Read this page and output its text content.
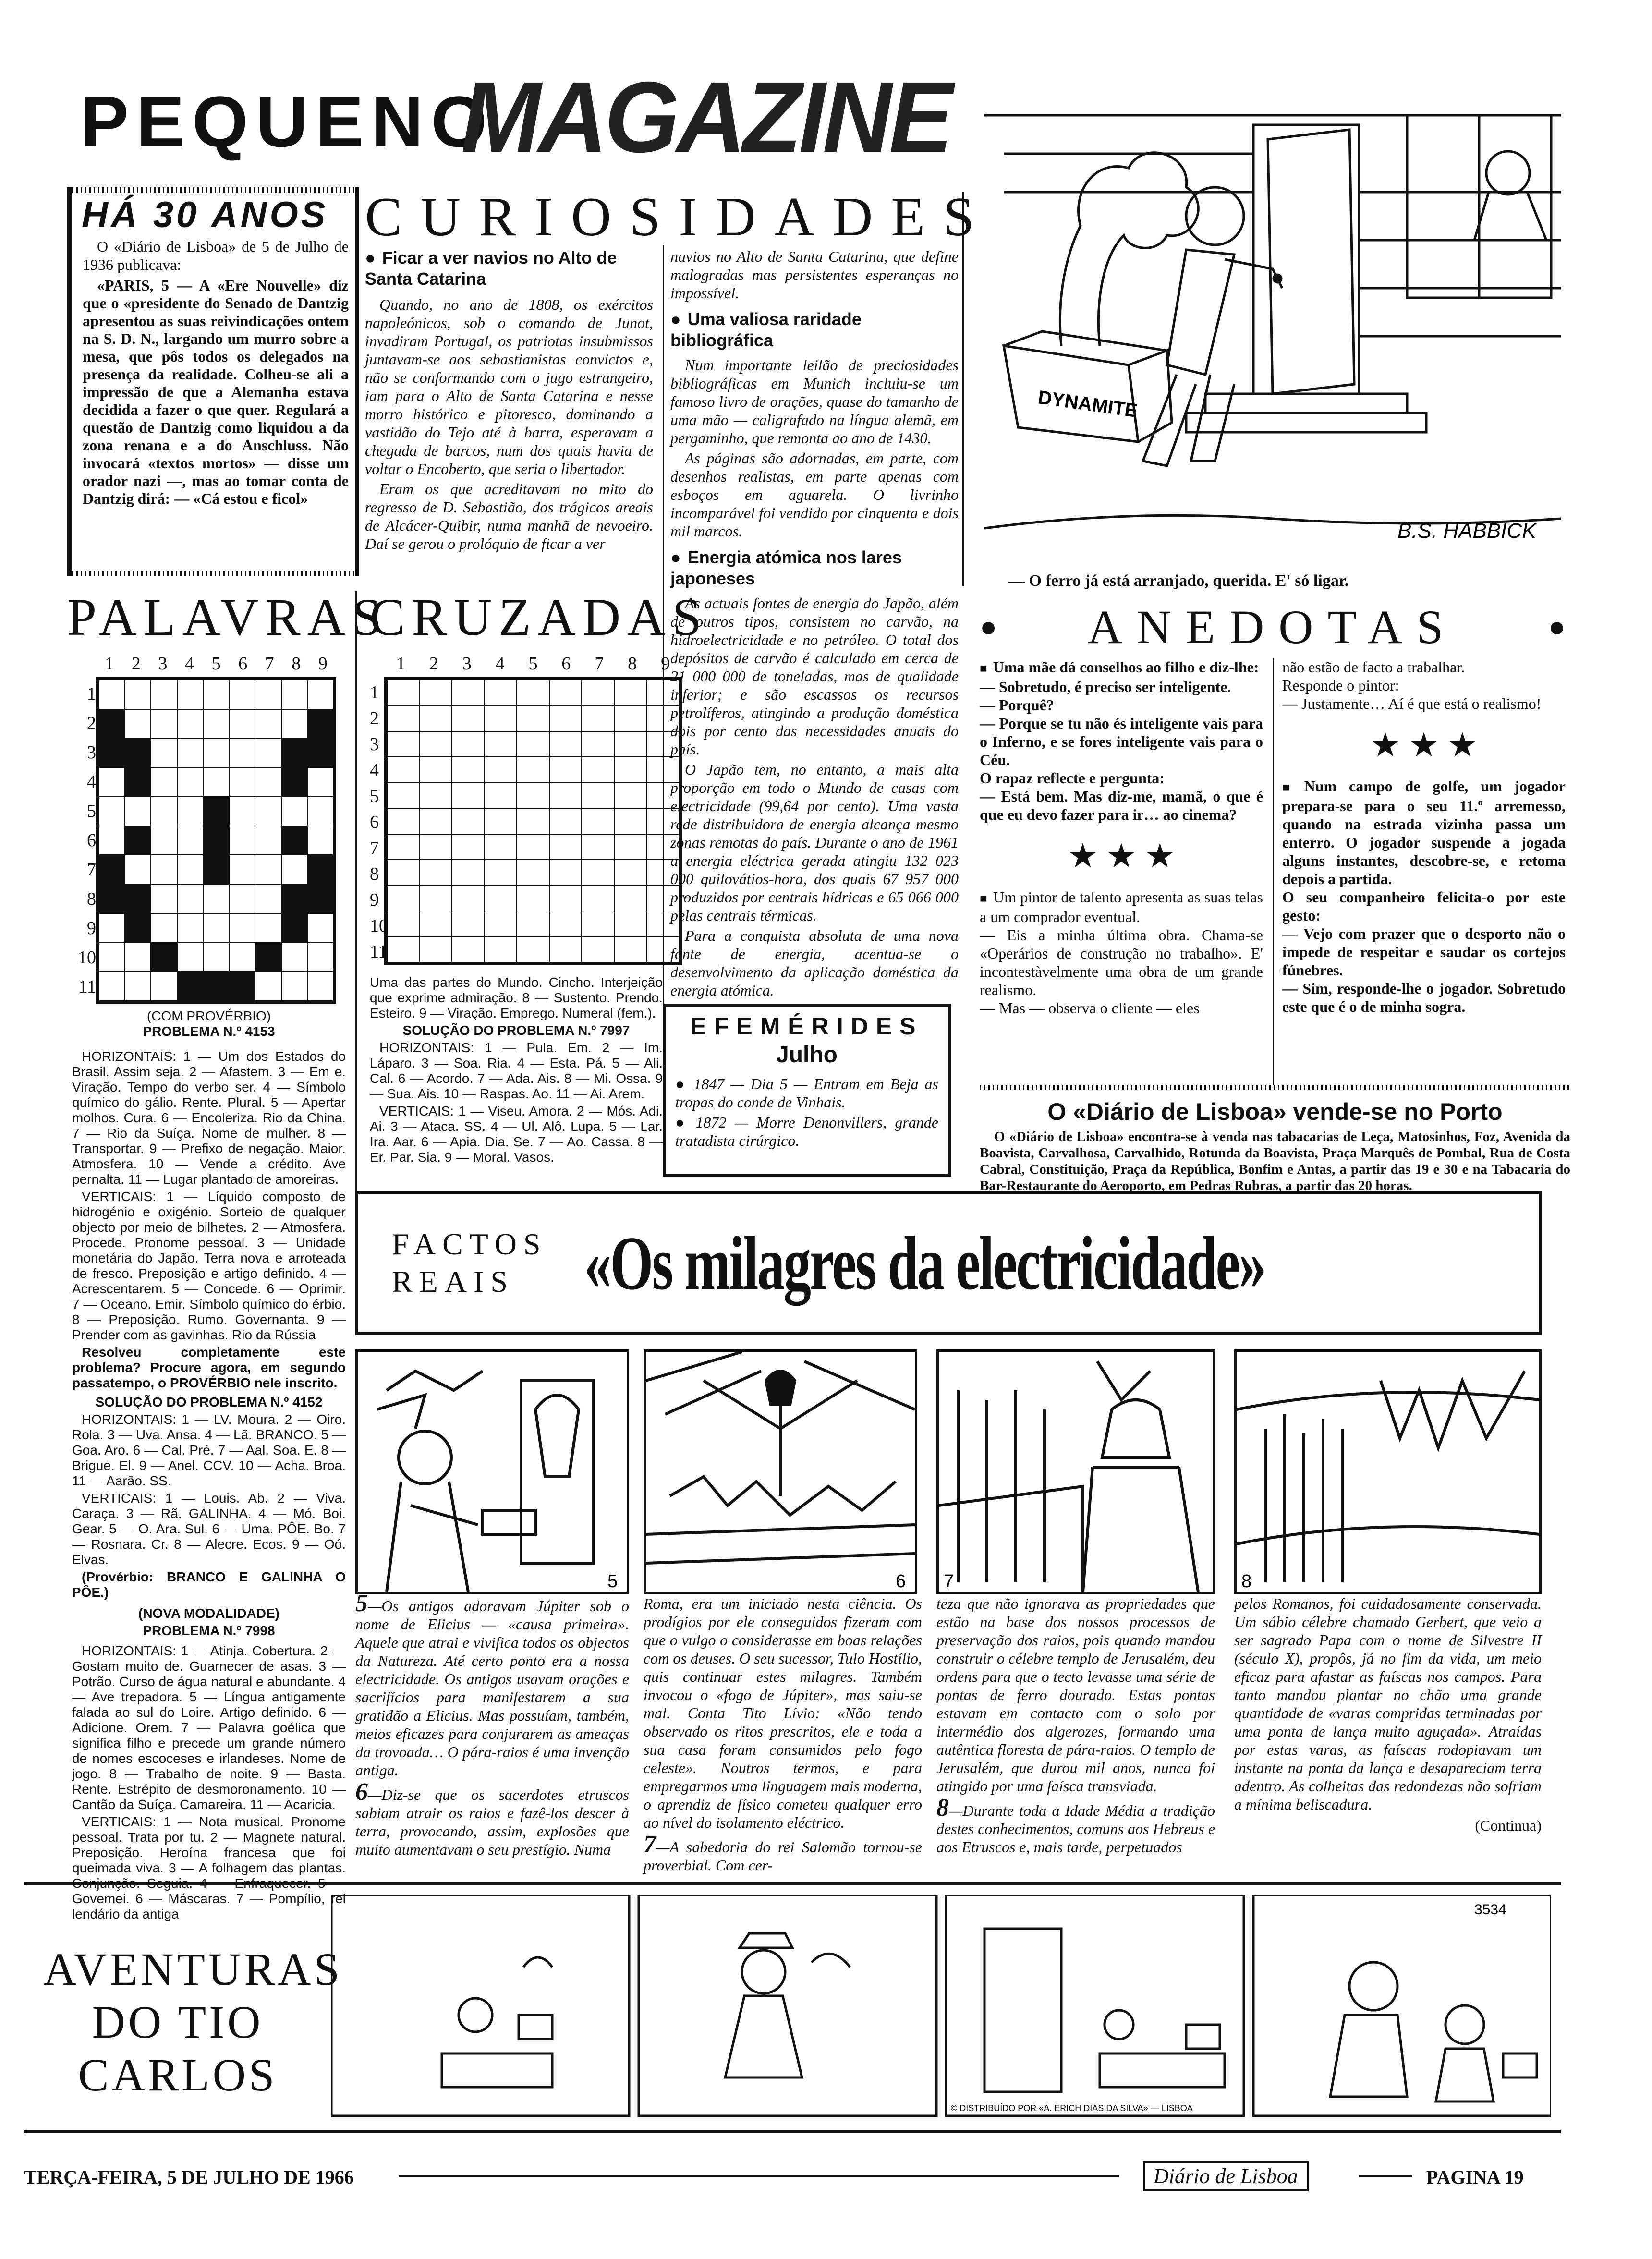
PEQUENO
MAGAZINE
HÁ 30 ANOS
O «Diário de Lisboa» de 5 de Julho de 1936 publicava:
«PARIS, 5 — A «Ere Nouvelle» diz que o «presidente do Senado de Dantzig apresentou as suas reivindicações ontem na S. D. N., largando um murro sobre a mesa, que pôs todos os delegados na presença da realidade. Colheu-se ali a impressão de que a Alemanha estava decidida a fazer o que quer. Regulará a questão de Dantzig como liquidou a da zona renana e a do Anschluss. Não invocará «textos mortos» — disse um orador nazi —, mas ao tomar conta de Dantzig dirá: — «Cá estou e ficol»
CURIOSIDADES
● Ficar a ver navios no Alto de Santa Catarina

Quando, no ano de 1808, os exércitos napoleónicos, sob o comando de Junot, invadiram Portugal, os patriotas insubmissos juntavam-se aos sebastianistas convictos e, não se conformando com o jugo estrangeiro, iam para o Alto de Santa Catarina e nesse morro histórico e pitoresco, dominando a vastidão do Tejo até à barra, esperavam a chegada de barcos, num dos quais havia de voltar o Encoberto, que seria o libertador.

Eram os que acreditavam no mito do regresso de D. Sebastião, dos trágicos areais de Alcácer-Quibir, numa manhã de nevoeiro. Daí se gerou o prolóquio de ficar a ver

navios no Alto de Santa Catarina, que define malogradas mas persistentes esperanças no impossível.

● Uma valiosa raridade bibliográfica

Num importante leilão de preciosidades bibliográficas em Munich incluiu-se um famoso livro de orações, quase do tamanho de uma mão — caligrafado na língua alemã, em pergaminho, que remonta ao ano de 1430.

As páginas são adornadas, em parte, com desenhos realistas, em parte apenas com esboços em aguarela. O livrinho incomparável foi vendido por cinquenta e dois mil marcos.

● Energia atómica nos lares japoneses

As actuais fontes de energia do Japão, além de outros tipos, consistem no carvão, na hidroelectricidade e no petróleo. O total dos depósitos de carvão é calculado em cerca de 21 000 000 de toneladas, mas de qualidade inferior; e são escassos os recursos petrolíferos, atingindo a produção doméstica dois por cento das necessidades anuais do país.

O Japão tem, no entanto, a mais alta proporção em todo o Mundo de casas com electricidade (99,64 por cento). Uma vasta rede distribuidora de energia alcança mesmo zonas remotas do país. Durante o ano de 1961 a energia eléctrica gerada atingiu 132 023 000 quilovátios-hora, dos quais 67 957 000 produzidos por centrais hídricas e 65 066 000 pelas centrais térmicas.

Para a conquista absoluta de uma nova fonte de energia, acentua-se o desenvolvimento da aplicação doméstica da energia atómica.

DYNAMITE
B.S. HABBICK
— O ferro já está arranjado, querida. E' só ligar.
PALAVRAS
CRUZADAS
1 2 3 4 5 6 7 8 9
1
2
3
4
5
6
7
8
9
10
11
1	2	3	4	5	6	7	8	9
1
2
3
4
5
6
7
8
9
10
11
(COM PROVÉRBIO)
PROBLEMA N.º 4153

HORIZONTAIS: 1 — Um dos Estados do Brasil. Assim seja. 2 — Afastem. 3 — Em e. Viração. Tempo do verbo ser. 4 — Símbolo químico do gálio. Rente. Plural. 5 — Apertar molhos. Cura. 6 — Encoleriza. Rio da China. 7 — Rio da Suíça. Nome de mulher. 8 — Transportar. 9 — Prefixo de negação. Maior. Atmosfera. 10 — Vende a crédito. Ave pernalta. 11 — Lugar plantado de amoreiras.

VERTICAIS: 1 — Líquido composto de hidrogénio e oxigénio. Sorteio de qualquer objecto por meio de bilhetes. 2 — Atmosfera. Procede. Pronome pessoal. 3 — Unidade monetária do Japão. Terra nova e arroteada de fresco. Preposição e artigo definido. 4 — Acrescentarem. 5 — Concede. 6 — Oprimir. 7 — Oceano. Emir. Símbolo químico do érbio. 8 — Preposição. Rumo. Governanta. 9 — Prender com as gavinhas. Rio da Rússia

Resolveu completamente este problema? Procure agora, em segundo passatempo, o PROVÉRBIO nele inscrito.

SOLUÇÃO DO PROBLEMA N.º 4152

HORIZONTAIS: 1 — LV. Moura. 2 — Oiro. Rola. 3 — Uva. Ansa. 4 — Lã. BRANCO. 5 — Goa. Aro. 6 — Cal. Pré. 7 — Aal. Soa. E. 8 — Brigue. El. 9 — Anel. CCV. 10 — Acha. Broa. 11 — Aarão. SS.

VERTICAIS: 1 — Louis. Ab. 2 — Viva. Caraça. 3 — Rã. GALINHA. 4 — Mó. Boi. Gear. 5 — O. Ara. Sul. 6 — Uma. PÔE. Bo. 7 — Rosnara. Cr. 8 — Alecre. Ecos. 9 — Oó. Elvas.

(Provérbio: BRANCO E GALINHA O PÔE.)

(NOVA MODALIDADE)

PROBLEMA N.º 7998

HORIZONTAIS: 1 — Atinja. Cobertura. 2 — Gostam muito de. Guarnecer de asas. 3 — Potrão. Curso de água natural e abundante. 4 — Ave trepadora. 5 — Língua antigamente falada ao sul do Loire. Artigo definido. 6 — Adicione. Orem. 7 — Palavra goélica que significa filho e precede um grande número de nomes escoceses e irlandeses. Nome de jogo. 8 — Trabalho de noite. 9 — Basta. Rente. Estrépito de desmoronamento. 10 — Cantão da Suíça. Camareira. 11 — Acaricia.

VERTICAIS: 1 — Nota musical. Pronome pessoal. Trata por tu. 2 — Magnete natural. Preposição. Heroína francesa que foi queimada viva. 3 — A folhagem das plantas. Conjunção. Seguia. 4 — Enfraquecer. 5 — Govemei. 6 — Máscaras. 7 — Pompílio, rei lendário da antiga

Uma das partes do Mundo. Cincho. Interjeição que exprime admiração. 8 — Sustento. Prendo. Esteiro. 9 — Viração. Emprego. Numeral (fem.).

SOLUÇÃO DO PROBLEMA N.º 7997

HORIZONTAIS: 1 — Pula. Em. 2 — Im. Láparo. 3 — Soa. Ria. 4 — Esta. Pá. 5 — Ali. Cal. 6 — Acordo. 7 — Ada. Ais. 8 — Mi. Ossa. 9 — Sua. Ais. 10 — Raspas. Ao. 11 — Ai. Arem.

VERTICAIS: 1 — Viseu. Amora. 2 — Mós. Adi. Ai. 3 — Ataca. SS. 4 — Ul. Alô. Lupa. 5 — Lar. Ira. Aar. 6 — Apia. Dia. Se. 7 — Ao. Cassa. 8 — Er. Par. Sia. 9 — Moral. Vasos.

EFEMÉRIDES
Julho

● 1847 — Dia 5 — Entram em Beja as tropas do conde de Vinhais.

● 1872 — Morre Denonvillers, grande tratadista cirúrgico.

● ANEDOTAS	●

■ Uma mãe dá conselhos ao filho e diz-lhe:
— Sobretudo, é preciso ser inteligente.
— Porquê?
— Porque se tu não és inteligente vais para o Inferno, e se fores inteligente vais para o Céu.
O rapaz reflecte e pergunta:
— Está bem. Mas diz-me, mamã, o que é que eu devo fazer para ir… ao cinema?

★ ★ ★

■ Um pintor de talento apresenta as suas telas a um comprador eventual.
— Eis a minha última obra. Chama-se «Operários de construção no trabalho». E' incontestàvelmente uma obra de um grande realismo.
— Mas — observa o cliente — eles

não estão de facto a trabalhar.
Responde o pintor:
— Justamente… Aí é que está o realismo!

★ ★ ★

■ Num campo de golfe, um jogador prepara-se para o seu 11.º arremesso, quando na estrada vizinha passa um enterro. O jogador suspende a jogada alguns instantes, descobre-se, e retoma depois a partida.
O seu companheiro felicita-o por este gesto:
— Vejo com prazer que o desporto não o impede de respeitar e saudar os cortejos fúnebres.
— Sim, responde-lhe o jogador. Sobretudo este que é o de minha sogra.

O «Diário de Lisboa» vende-se no Porto

O «Diário de Lisboa» encontra-se à venda nas tabacarias de Leça, Matosinhos, Foz, Avenida da Boavista, Carvalhosa, Carvalhido, Rotunda da Boavista, Praça Marquês de Pombal, Rua de Costa Cabral, Constituição, Praça da República, Bonfim e Antas, a partir das 19 e 30 e na Tabacaria do Bar-Restaurante do Aeroporto, em Pedras Rubras, a partir das 20 horas.

FACTOS
REAIS «Os milagres da electricidade»
5	6 7	8

5—Os antigos adoravam Júpiter sob o nome de Elicius — «causa primeira». Aquele que atrai e vivifica todos os objectos da Natureza. Até certo ponto era a nossa electricidade. Os antigos usavam orações e sacrifícios para manifestarem a sua gratidão a Elicius. Mas possuíam, também, meios eficazes para conjurarem as ameaças da trovoada… O pára-raios é uma invenção antiga.

6—Diz-se que os sacerdotes etruscos sabiam atrair os raios e fazê-los descer à terra, provocando, assim, explosões que muito aumentavam o seu prestígio. Numa

Roma, era um iniciado nesta ciência. Os prodígios por ele conseguidos fizeram com que o vulgo o considerasse em boas relações com os deuses. O seu sucessor, Tulo Hostílio, quis continuar estes milagres. Também invocou o «fogo de Júpiter», mas saiu-se mal. Conta Tito Lívio: «Não tendo observado os ritos prescritos, ele e toda a sua casa foram consumidos pelo fogo celeste». Noutros termos, e para empregarmos uma linguagem mais moderna, o aprendiz de físico cometeu qualquer erro ao nível do isolamento eléctrico.

7—A sabedoria do rei Salomão tornou-se proverbial. Com cer-

teza que não ignorava as propriedades que estão na base dos nossos processos de preservação dos raios, pois quando mandou construir o célebre templo de Jerusalém, deu ordens para que o tecto levasse uma série de pontas de ferro dourado. Estas pontas estavam em contacto com o solo por intermédio dos algerozes, formando uma autêntica floresta de pára-raios. O templo de Jerusalém, que durou mil anos, nunca foi atingido por uma faísca transviada.

8—Durante toda a Idade Média a tradição destes conhecimentos, comuns aos Hebreus e aos Etruscos e, mais tarde, perpetuados

pelos Romanos, foi cuidadosamente conservada. Um sábio célebre chamado Gerbert, que veio a ser sagrado Papa com o nome de Silvestre II (século X), propôs, já no fim da vida, um meio eficaz para afastar as faíscas nos campos. Para tanto mandou plantar no chão uma grande quantidade de «varas compridas terminadas por uma ponta de lança muito aguçada». Atraídas por estas varas, as faíscas rodopiavam um instante na ponta da lança e desapareciam terra adentro. As colheitas das redondezas não sofriam a mínima beliscadura.

(Continua)

AVENTURAS
DO TIO
CARLOS
3534
© DISTRIBUÍDO POR «A. ERICH DIAS DA SILVA» — LISBOA
TERÇA-FEIRA, 5 DE JULHO DE 1966	Diário de Lisboa	PAGINA 19
